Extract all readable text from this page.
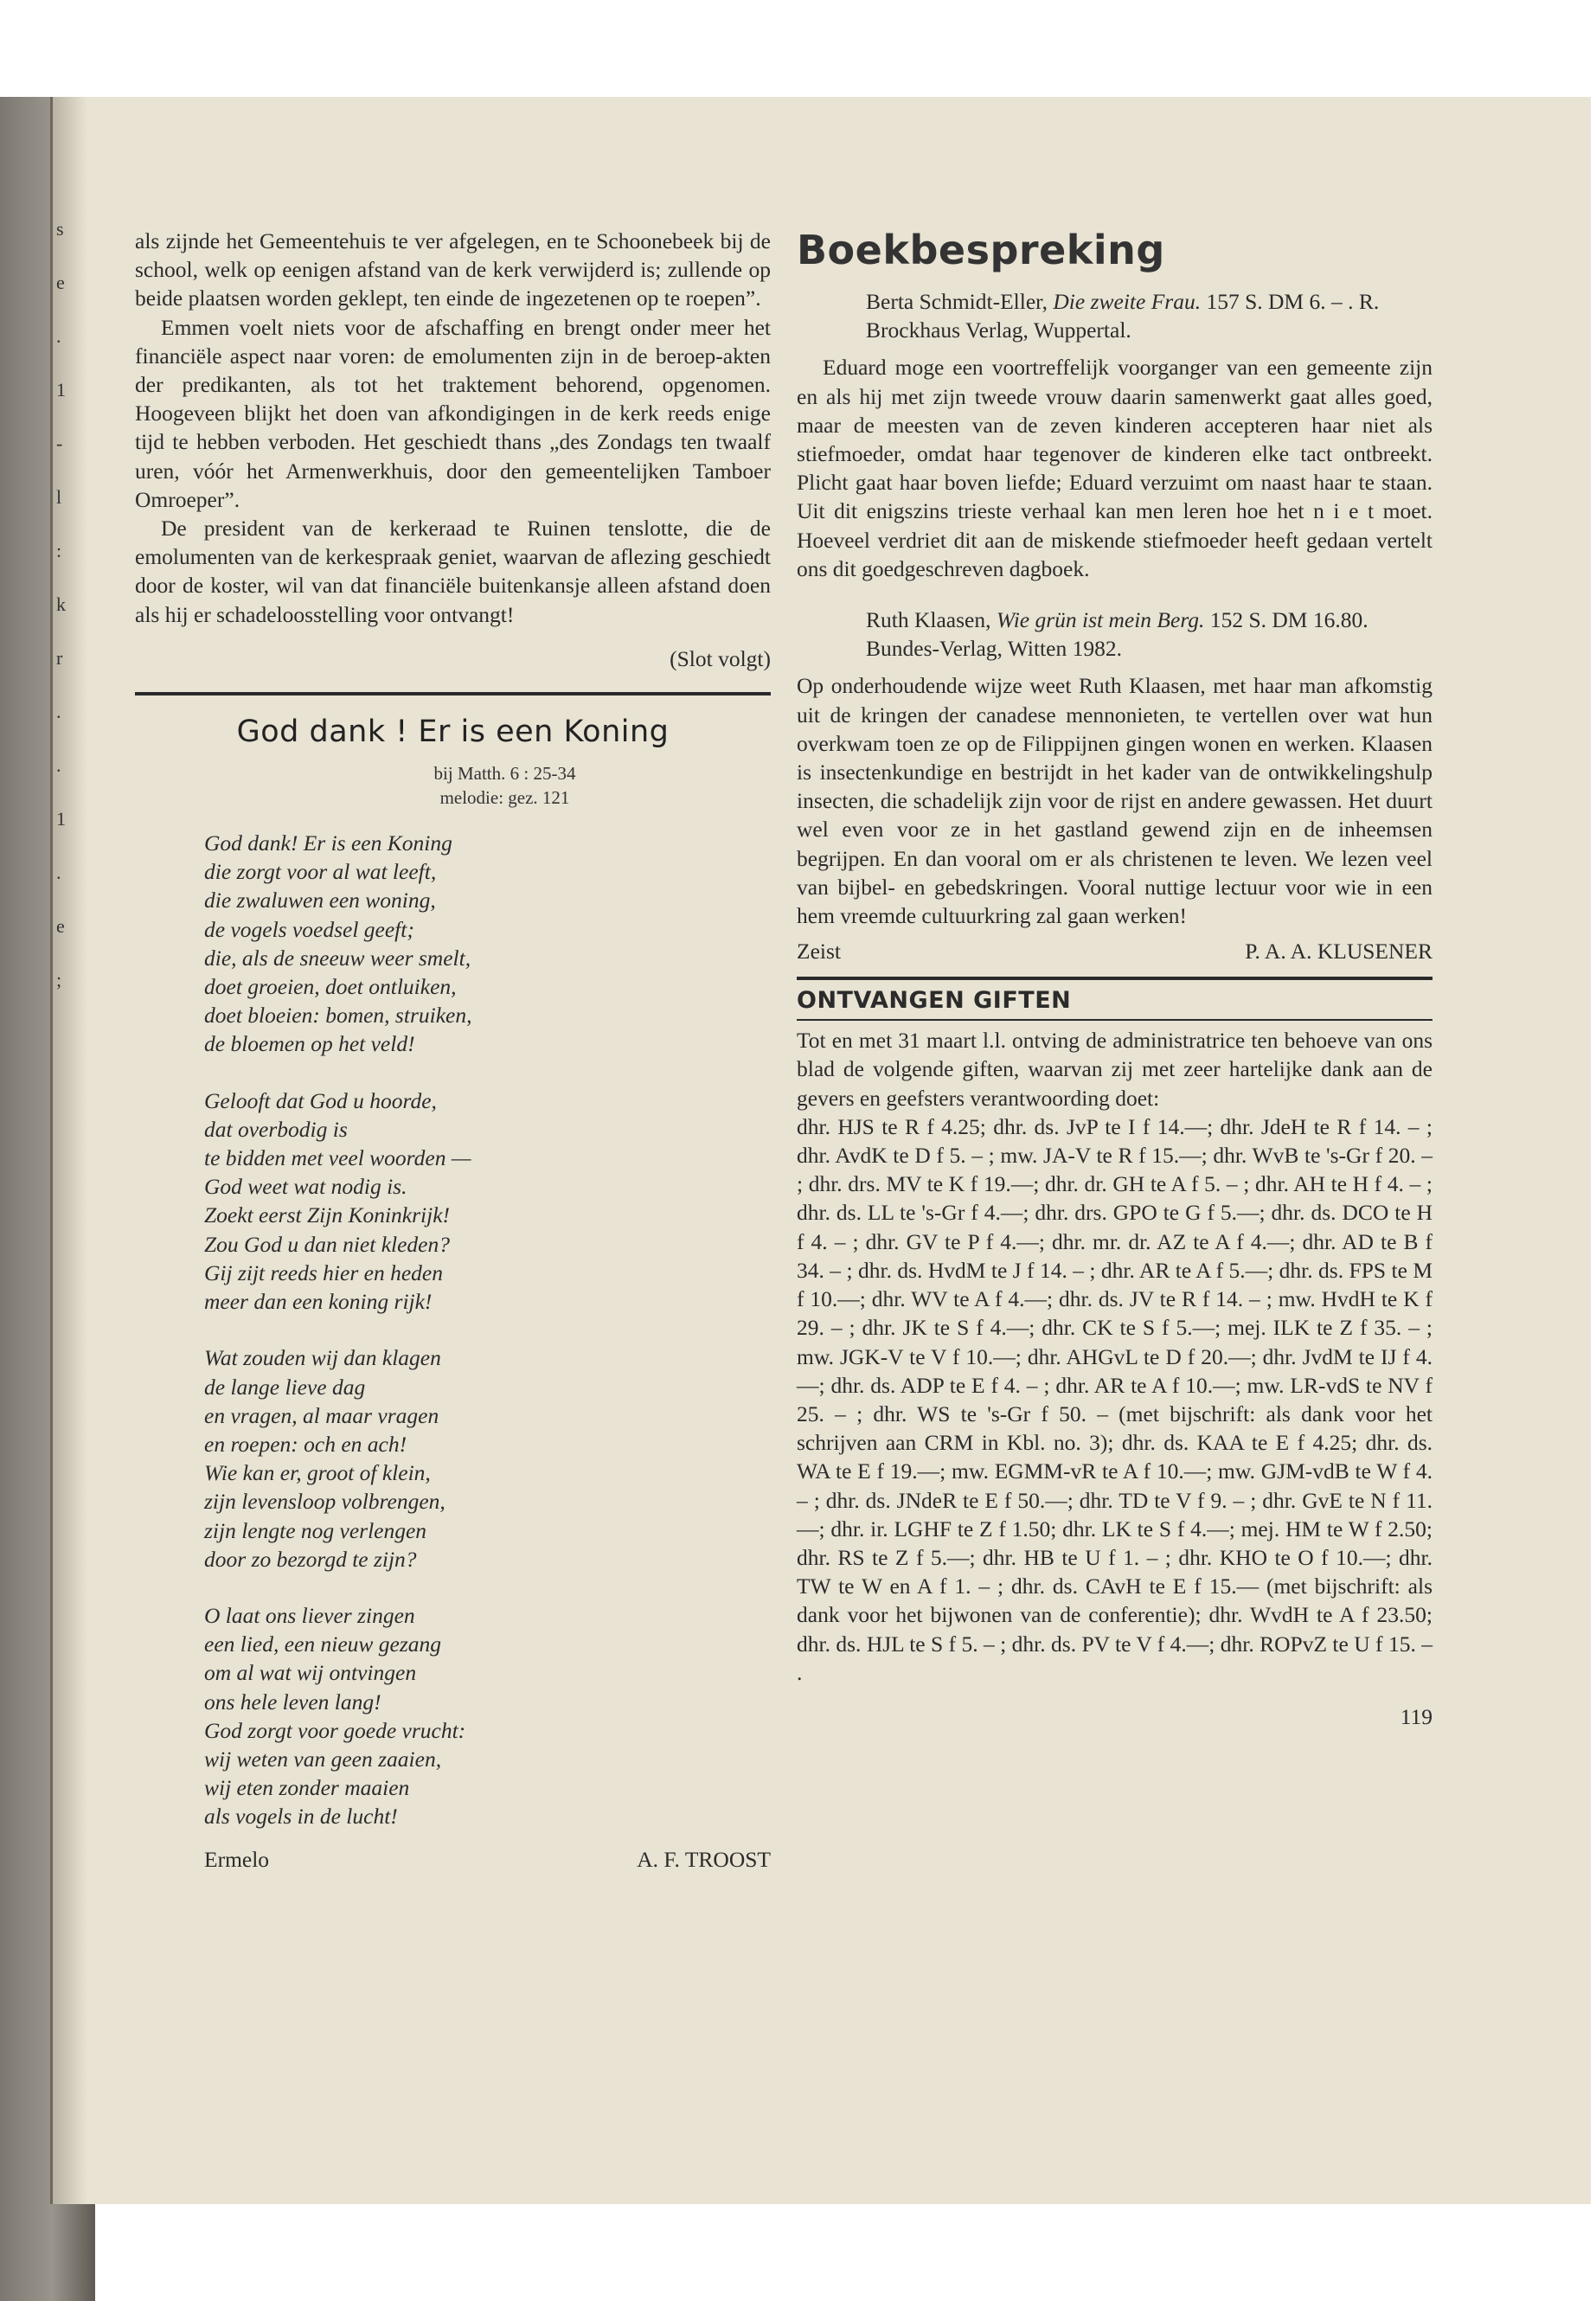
s
e
.
1
-
l
:
k
r
.
.
1
.
e
;

als zijnde het Gemeentehuis te ver afgelegen, en te Schoonebeek bij de school, welk op eenigen afstand van de kerk verwijderd is; zullende op beide plaatsen worden geklept, ten einde de ingezetenen op te roepen”.

Emmen voelt niets voor de afschaffing en brengt onder meer het financiële aspect naar voren: de emolumenten zijn in de beroep-akten der predikanten, als tot het traktement behorend, opgenomen. Hoogeveen blijkt het doen van afkondigingen in de kerk reeds enige tijd te hebben verboden. Het geschiedt thans „des Zondags ten twaalf uren, vóór het Armenwerkhuis, door den gemeentelijken Tamboer Omroeper”.

De president van de kerkeraad te Ruinen tenslotte, die de emolumenten van de kerkespraak geniet, waarvan de aflezing geschiedt door de koster, wil van dat financiële buitenkansje alleen afstand doen als hij er schadeloosstelling voor ontvangt!

(Slot volgt)

God dank ! Er is een Koning
bij Matth. 6 : 25-34
melodie: gez. 121
God dank! Er is een Koning
die zorgt voor al wat leeft,
die zwaluwen een woning,
de vogels voedsel geeft;
die, als de sneeuw weer smelt,
doet groeien, doet ontluiken,
doet bloeien: bomen, struiken,
de bloemen op het veld!
Gelooft dat God u hoorde,
dat overbodig is
te bidden met veel woorden —
God weet wat nodig is.
Zoekt eerst Zijn Koninkrijk!
Zou God u dan niet kleden?
Gij zijt reeds hier en heden
meer dan een koning rijk!
Wat zouden wij dan klagen
de lange lieve dag
en vragen, al maar vragen
en roepen: och en ach!
Wie kan er, groot of klein,
zijn levensloop volbrengen,
zijn lengte nog verlengen
door zo bezorgd te zijn?
O laat ons liever zingen
een lied, een nieuw gezang
om al wat wij ontvingen
ons hele leven lang!
God zorgt voor goede vrucht:
wij weten van geen zaaien,
wij eten zonder maaien
als vogels in de lucht!
Ermelo	A. F. TROOST
Boekbespreking

Berta Schmidt-Eller, Die zweite Frau. 157 S. DM 6. – . R. Brockhaus Verlag, Wuppertal.

Eduard moge een voortreffelijk voorganger van een gemeente zijn en als hij met zijn tweede vrouw daarin samenwerkt gaat alles goed, maar de meesten van de zeven kinderen accepteren haar niet als stiefmoeder, omdat haar tegenover de kinderen elke tact ontbreekt. Plicht gaat haar boven liefde; Eduard verzuimt om naast haar te staan. Uit dit enigszins trieste verhaal kan men leren hoe het n i e t moet. Hoeveel verdriet dit aan de miskende stiefmoeder heeft gedaan vertelt ons dit goedgeschreven dagboek.

Ruth Klaasen, Wie grün ist mein Berg. 152 S. DM 16.80. Bundes-Verlag, Witten 1982.

Op onderhoudende wijze weet Ruth Klaasen, met haar man afkomstig uit de kringen der canadese mennonieten, te vertellen over wat hun overkwam toen ze op de Filippijnen gingen wonen en werken. Klaasen is insectenkundige en bestrijdt in het kader van de ontwikkelingshulp insecten, die schadelijk zijn voor de rijst en andere gewassen. Het duurt wel even voor ze in het gastland gewend zijn en de inheemsen begrijpen. En dan vooral om er als christenen te leven. We lezen veel van bijbel- en gebedskringen. Vooral nuttige lectuur voor wie in een hem vreemde cultuurkring zal gaan werken!

Zeist	P. A. A. KLUSENER
ONTVANGEN GIFTEN

Tot en met 31 maart l.l. ontving de administratrice ten behoeve van ons blad de volgende giften, waarvan zij met zeer hartelijke dank aan de gevers en geefsters verantwoording doet:

dhr. HJS te R f 4.25; dhr. ds. JvP te I f 14.—; dhr. JdeH te R f 14. – ; dhr. AvdK te D f 5. – ; mw. JA-V te R f 15.—; dhr. WvB te 's-Gr f 20. – ; dhr. drs. MV te K f 19.—; dhr. dr. GH te A f 5. – ; dhr. AH te H f 4. – ; dhr. ds. LL te 's-Gr f 4.—; dhr. drs. GPO te G f 5.—; dhr. ds. DCO te H f 4. – ; dhr. GV te P f 4.—; dhr. mr. dr. AZ te A f 4.—; dhr. AD te B f 34. – ; dhr. ds. HvdM te J f 14. – ; dhr. AR te A f 5.—; dhr. ds. FPS te M f 10.—; dhr. WV te A f 4.—; dhr. ds. JV te R f 14. – ; mw. HvdH te K f 29. – ; dhr. JK te S f 4.—; dhr. CK te S f 5.—; mej. ILK te Z f 35. – ; mw. JGK-V te V f 10.—; dhr. AHGvL te D f 20.—; dhr. JvdM te IJ f 4.—; dhr. ds. ADP te E f 4. – ; dhr. AR te A f 10.—; mw. LR-vdS te NV f 25. – ; dhr. WS te 's-Gr f 50. – (met bijschrift: als dank voor het schrijven aan CRM in Kbl. no. 3); dhr. ds. KAA te E f 4.25; dhr. ds. WA te E f 19.—; mw. EGMM-vR te A f 10.—; mw. GJM-vdB te W f 4. – ; dhr. ds. JNdeR te E f 50.—; dhr. TD te V f 9. – ; dhr. GvE te N f 11.—; dhr. ir. LGHF te Z f 1.50; dhr. LK te S f 4.—; mej. HM te W f 2.50; dhr. RS te Z f 5.—; dhr. HB te U f 1. – ; dhr. KHO te O f 10.—; dhr. TW te W en A f 1. – ; dhr. ds. CAvH te E f 15.— (met bijschrift: als dank voor het bijwonen van de conferentie); dhr. WvdH te A f 23.50; dhr. ds. HJL te S f 5. – ; dhr. ds. PV te V f 4.—; dhr. ROPvZ te U f 15. – .

119
